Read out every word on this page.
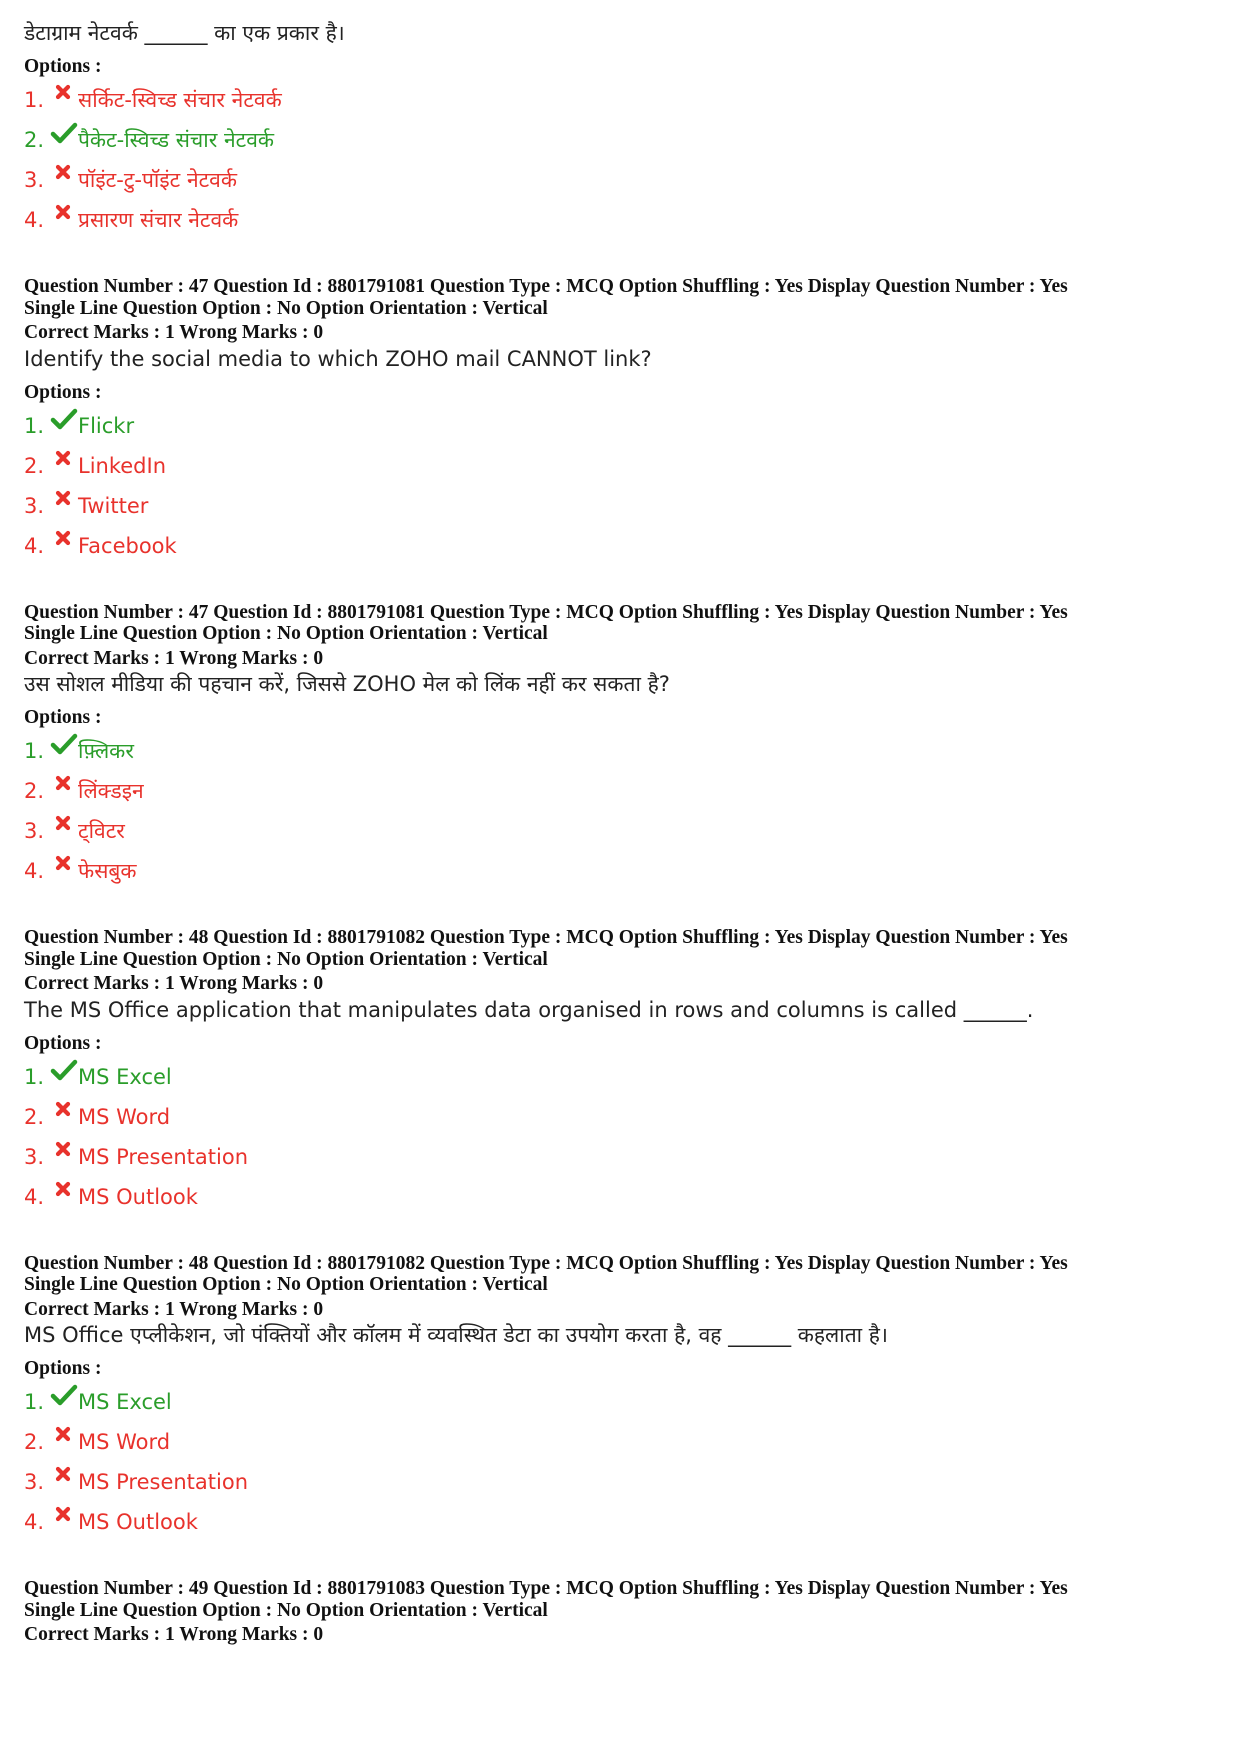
डेटाग्राम नेटवर्क ______ का एक प्रकार है।
Options :
1. सर्किट-स्विच्ड संचार नेटवर्क
2. पैकेट-स्विच्ड संचार नेटवर्क
3. पॉइंट-टु-पॉइंट नेटवर्क
4. प्रसारण संचार नेटवर्क
Question Number : 47 Question Id : 8801791081 Question Type : MCQ Option Shuffling : Yes Display Question Number : Yes
Single Line Question Option : No Option Orientation : Vertical
Correct Marks : 1 Wrong Marks : 0
Identify the social media to which ZOHO mail CANNOT link?
Options :
1. Flickr
2. LinkedIn
3. Twitter
4. Facebook
Question Number : 47 Question Id : 8801791081 Question Type : MCQ Option Shuffling : Yes Display Question Number : Yes
Single Line Question Option : No Option Orientation : Vertical
Correct Marks : 1 Wrong Marks : 0
उस सोशल मीडिया की पहचान करें, जिससे ZOHO मेल को लिंक नहीं कर सकता है?
Options :
1. फ़्लिकर
2. लिंक्डइन
3. ट्विटर
4. फेसबुक
Question Number : 48 Question Id : 8801791082 Question Type : MCQ Option Shuffling : Yes Display Question Number : Yes
Single Line Question Option : No Option Orientation : Vertical
Correct Marks : 1 Wrong Marks : 0
The MS Office application that manipulates data organised in rows and columns is called ______.
Options :
1. MS Excel
2. MS Word
3. MS Presentation
4. MS Outlook
Question Number : 48 Question Id : 8801791082 Question Type : MCQ Option Shuffling : Yes Display Question Number : Yes
Single Line Question Option : No Option Orientation : Vertical
Correct Marks : 1 Wrong Marks : 0
MS Office एप्लीकेशन, जो पंक्तियों और कॉलम में व्यवस्थित डेटा का उपयोग करता है, वह ______ कहलाता है।
Options :
1. MS Excel
2. MS Word
3. MS Presentation
4. MS Outlook
Question Number : 49 Question Id : 8801791083 Question Type : MCQ Option Shuffling : Yes Display Question Number : Yes
Single Line Question Option : No Option Orientation : Vertical
Correct Marks : 1 Wrong Marks : 0
